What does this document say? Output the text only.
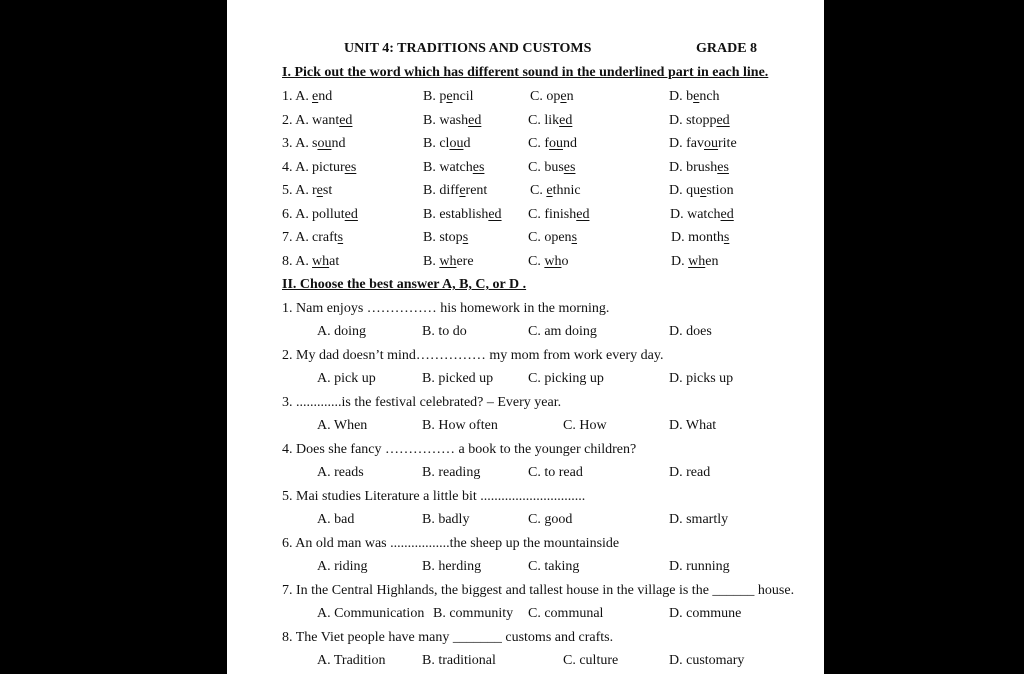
UNIT 4: TRADITIONS AND CUSTOMS	GRADE 8
I. Pick out the word which has different sound in the underlined part in each line.
1. A. end	B. pencil	C. open	D. bench
2. A. wanted	B. washed	C. liked	D. stopped
3. A. sound	B. cloud	C. found	D. favourite
4. A. pictures	B. watches	C. buses	D. brushes
5. A. rest	B. different	C. ethnic	D. question
6. A. polluted	B. established C. finished	D. watched
7. A. crafts	B. stops	C. opens	D. months
8. A. what	B. where	C. who	D. when
II. Choose the best answer A, B, C, or D .
1. Nam enjoys …………… his homework in the morning.
A. doing	B. to do	C. am doing	D. does
2. My dad doesn’t mind…………… my mom from work every day.
A. pick up	B. picked up C. picking up	D. picks up
3. .............is the festival celebrated? – Every year.
A. When	B. How often	C. How	D. What
4. Does she fancy …………… a book to the younger children?
A. reads	B. reading	C. to read	D. read
5. Mai studies Literature a little bit ..............................
A. bad	B. badly	C. good	D. smartly
6. An old man was .................the sheep up the mountainside
A. riding	B. herding	C. taking	D. running
7. In the Central Highlands, the biggest and tallest house in the village is the ______ house.
A. Communication B. community C. communal	D. commune
8. The Viet people have many _______ customs and crafts.
A. Tradition	B. traditional	C. culture	D. customary
